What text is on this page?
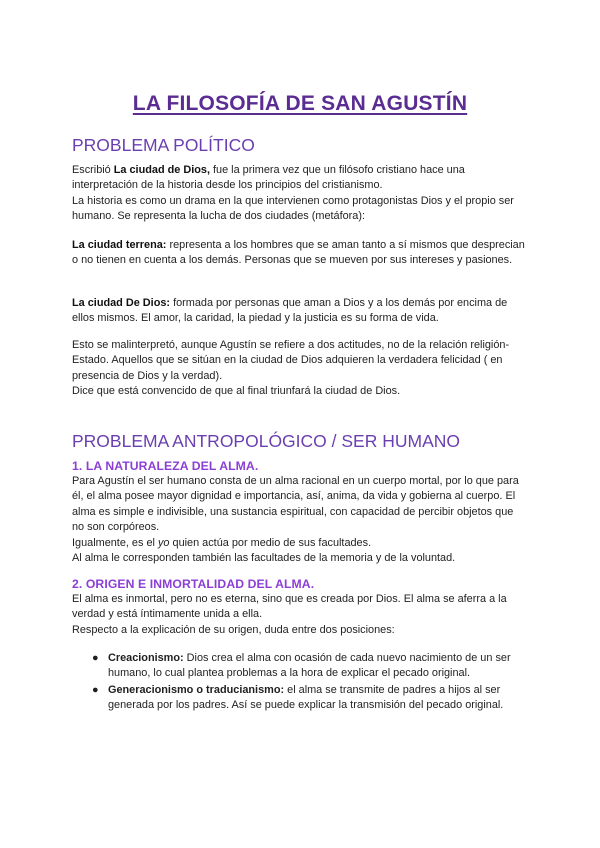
LA FILOSOFÍA DE SAN AGUSTÍN
PROBLEMA POLÍTICO
Escribió La ciudad de Dios, fue la primera vez que un filósofo cristiano hace una interpretación de la historia desde los principios del cristianismo.
La historia es como un drama en la que intervienen como protagonistas Dios y el propio ser humano. Se representa la lucha de dos ciudades (metáfora):
La ciudad terrena: representa a los hombres que se aman tanto a sí mismos que desprecian o no tienen en cuenta a los demás. Personas que se mueven por sus intereses y pasiones.
La ciudad De Dios: formada por personas que aman a Dios y a los demás por encima de ellos mismos. El amor, la caridad, la piedad y la justicia es su forma de vida.
Esto se malinterpretó, aunque Agustín se refiere a dos actitudes, no de la relación religión-Estado. Aquellos que se sitúan en la ciudad de Dios adquieren la verdadera felicidad ( en presencia de Dios y la verdad).
Dice que está convencido de que al final triunfará la ciudad de Dios.
PROBLEMA ANTROPOLÓGICO / SER HUMANO
1. LA NATURALEZA DEL ALMA.
Para Agustín el ser humano consta de un alma racional en un cuerpo mortal, por lo que para él, el alma posee mayor dignidad e importancia, así, anima, da vida y gobierna al cuerpo. El alma es simple e indivisible, una sustancia espiritual, con capacidad de percibir objetos que no son corpóreos.
Igualmente, es el yo quien actúa por medio de sus facultades.
Al alma le corresponden también las facultades de la memoria y de la voluntad.
2. ORIGEN E INMORTALIDAD DEL ALMA.
El alma es inmortal, pero no es eterna, sino que es creada por Dios. El alma se aferra a la verdad y está íntimamente unida a ella.
Respecto a la explicación de su origen, duda entre dos posiciones:
● Creacionismo: Dios crea el alma con ocasión de cada nuevo nacimiento de un ser humano, lo cual plantea problemas a la hora de explicar el pecado original.
● Generacionismo o traducianismo: el alma se transmite de padres a hijos al ser generada por los padres. Así se puede explicar la transmisión del pecado original.
